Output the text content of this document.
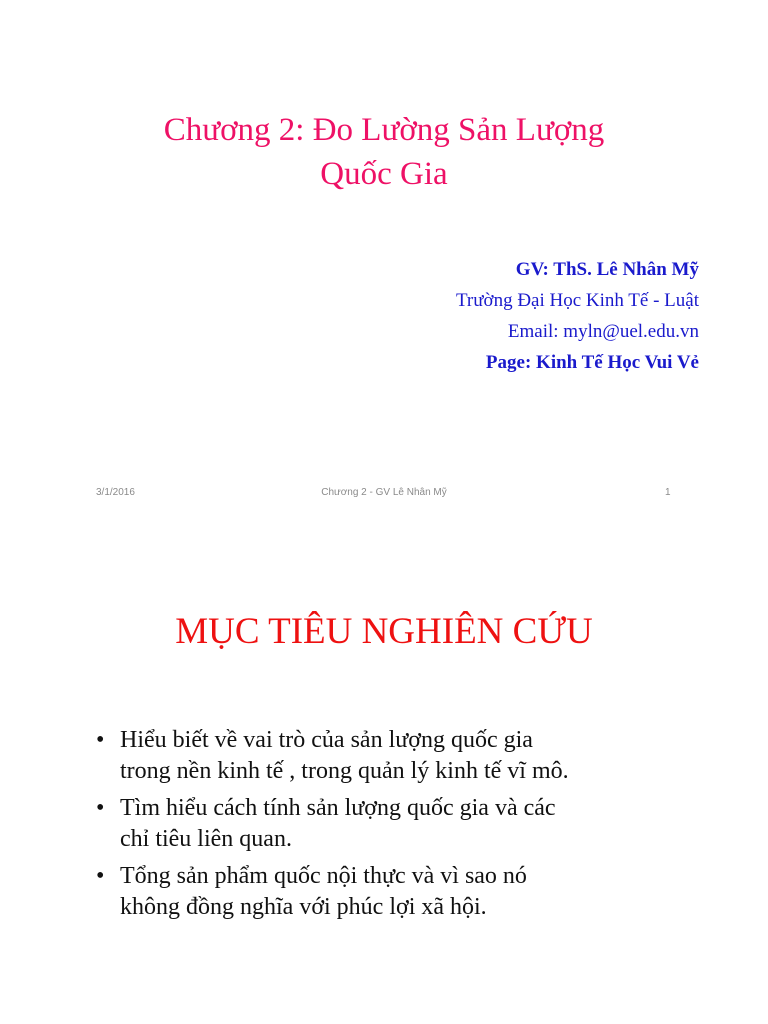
Chương 2: Đo Lường Sản Lượng
Quốc Gia
GV: ThS. Lê Nhân Mỹ
Trường Đại Học Kinh Tế - Luật
Email: myln@uel.edu.vn
Page: Kinh Tế Học Vui Vẻ
3/1/2016	Chương 2 - GV Lê Nhân Mỹ	1
MỤC TIÊU NGHIÊN CỨU
• Hiểu biết về vai trò của sản lượng quốc gia
trong nền kinh tế , trong quản lý kinh tế vĩ mô.
• Tìm hiểu cách tính sản lượng quốc gia và các
chỉ tiêu liên quan.
• Tổng sản phẩm quốc nội thực và vì sao nó
không đồng nghĩa với phúc lợi xã hội.
